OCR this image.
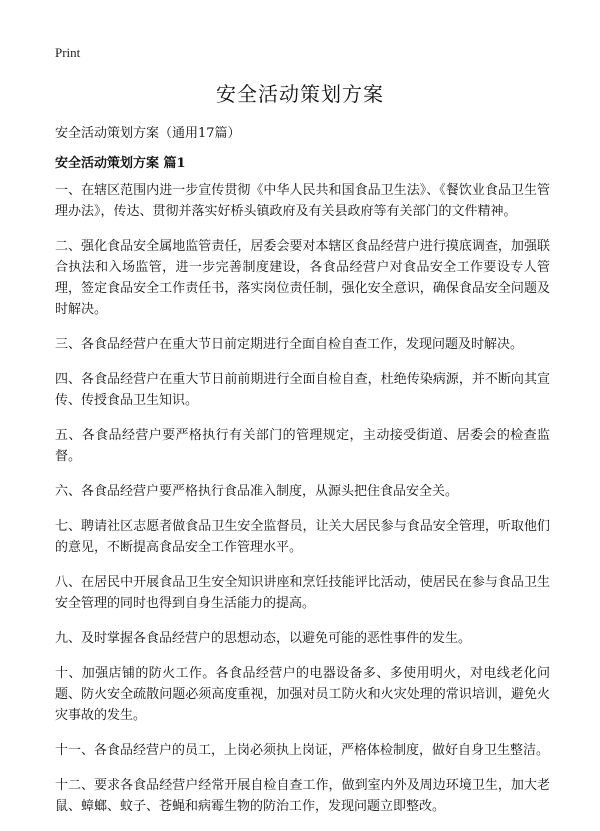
Print
安全活动策划方案
安全活动策划方案（通用17篇）
安全活动策划方案 篇1

一、在辖区范围内进一步宣传贯彻《中华人民共和国食品卫生法》、《餐饮业食品卫生管理办法》，传达、贯彻并落实好桥头镇政府及有关县政府等有关部门的文件精神。

二、强化食品安全属地监管责任，居委会要对本辖区食品经营户进行摸底调查，加强联合执法和入场监管，进一步完善制度建设，各食品经营户对食品安全工作要设专人管理，签定食品安全工作责任书，落实岗位责任制，强化安全意识，确保食品安全问题及时解决。

三、各食品经营户在重大节日前定期进行全面自检自查工作，发现问题及时解决。

四、各食品经营户在重大节日前前期进行全面自检自查，杜绝传染病源，并不断向其宣传、传授食品卫生知识。

五、各食品经营户要严格执行有关部门的管理规定，主动接受街道、居委会的检查监督。

六、各食品经营户要严格执行食品准入制度，从源头把住食品安全关。

七、聘请社区志愿者做食品卫生安全监督员，让关大居民参与食品安全管理，听取他们的意见，不断提高食品安全工作管理水平。

八、在居民中开展食品卫生安全知识讲座和烹饪技能评比活动，使居民在参与食品卫生安全管理的同时也得到自身生活能力的提高。

九、及时掌握各食品经营户的思想动态，以避免可能的恶性事件的发生。

十、加强店铺的防火工作。各食品经营户的电器设备多、多使用明火，对电线老化问题、防火安全疏散问题必须高度重视，加强对员工防火和火灾处理的常识培训，避免火灾事故的发生。

十一、各食品经营户的员工，上岗必须执上岗证，严格体检制度，做好自身卫生整洁。

十二、要求各食品经营户经常开展自检自查工作，做到室内外及周边环境卫生，加大老鼠、蟑螂、蚊子、苍蝇和病霉生物的防治工作，发现问题立即整改。
